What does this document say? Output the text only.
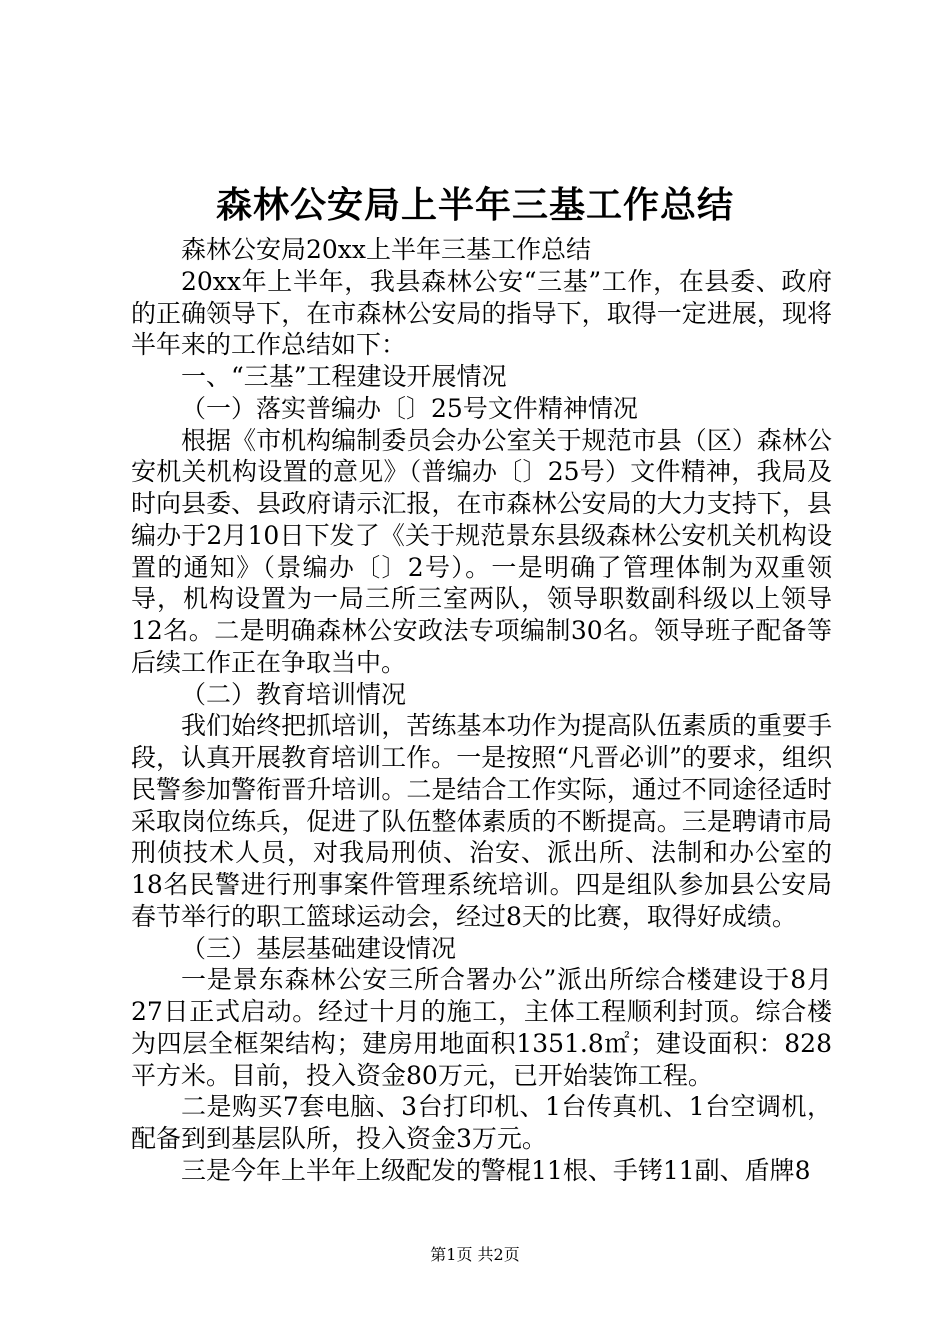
森林公安局上半年三基工作总结

森林公安局20xx上半年三基工作总结

20xx年上半年，我县森林公安“三基”工作，在县委、政府的正确领导下，在市森林公安局的指导下，取得一定进展，现将半年来的工作总结如下：

一、“三基”工程建设开展情况

（一）落实普编办〔〕25号文件精神情况

根据《市机构编制委员会办公室关于规范市县（区）森林公安机关机构设置的意见》（普编办〔〕25号）文件精神，我局及时向县委、县政府请示汇报，在市森林公安局的大力支持下，县编办于2月10日下发了《关于规范景东县级森林公安机关机构设置的通知》（景编办〔〕2号）。一是明确了管理体制为双重领导，机构设置为一局三所三室两队，领导职数副科级以上领导12名。二是明确森林公安政法专项编制30名。领导班子配备等后续工作正在争取当中。

（二）教育培训情况

我们始终把抓培训，苦练基本功作为提高队伍素质的重要手段，认真开展教育培训工作。一是按照“凡晋必训”的要求，组织民警参加警衔晋升培训。二是结合工作实际，通过不同途径适时采取岗位练兵，促进了队伍整体素质的不断提高。三是聘请市局刑侦技术人员，对我局刑侦、治安、派出所、法制和办公室的18名民警进行刑事案件管理系统培训。四是组队参加县公安局春节举行的职工篮球运动会，经过8天的比赛，取得好成绩。

（三）基层基础建设情况

一是景东森林公安三所合署办公”派出所综合楼建设于8月27日正式启动。经过十月的施工，主体工程顺利封顶。综合楼为四层全框架结构；建房用地面积1351.8㎡；建设面积：828平方米。目前，投入资金80万元，已开始装饰工程。

二是购买7套电脑、3台打印机、1台传真机、1台空调机，配备到到基层队所，投入资金3万元。

三是今年上半年上级配发的警棍11根、手铐11副、盾牌8

第1页 共2页
